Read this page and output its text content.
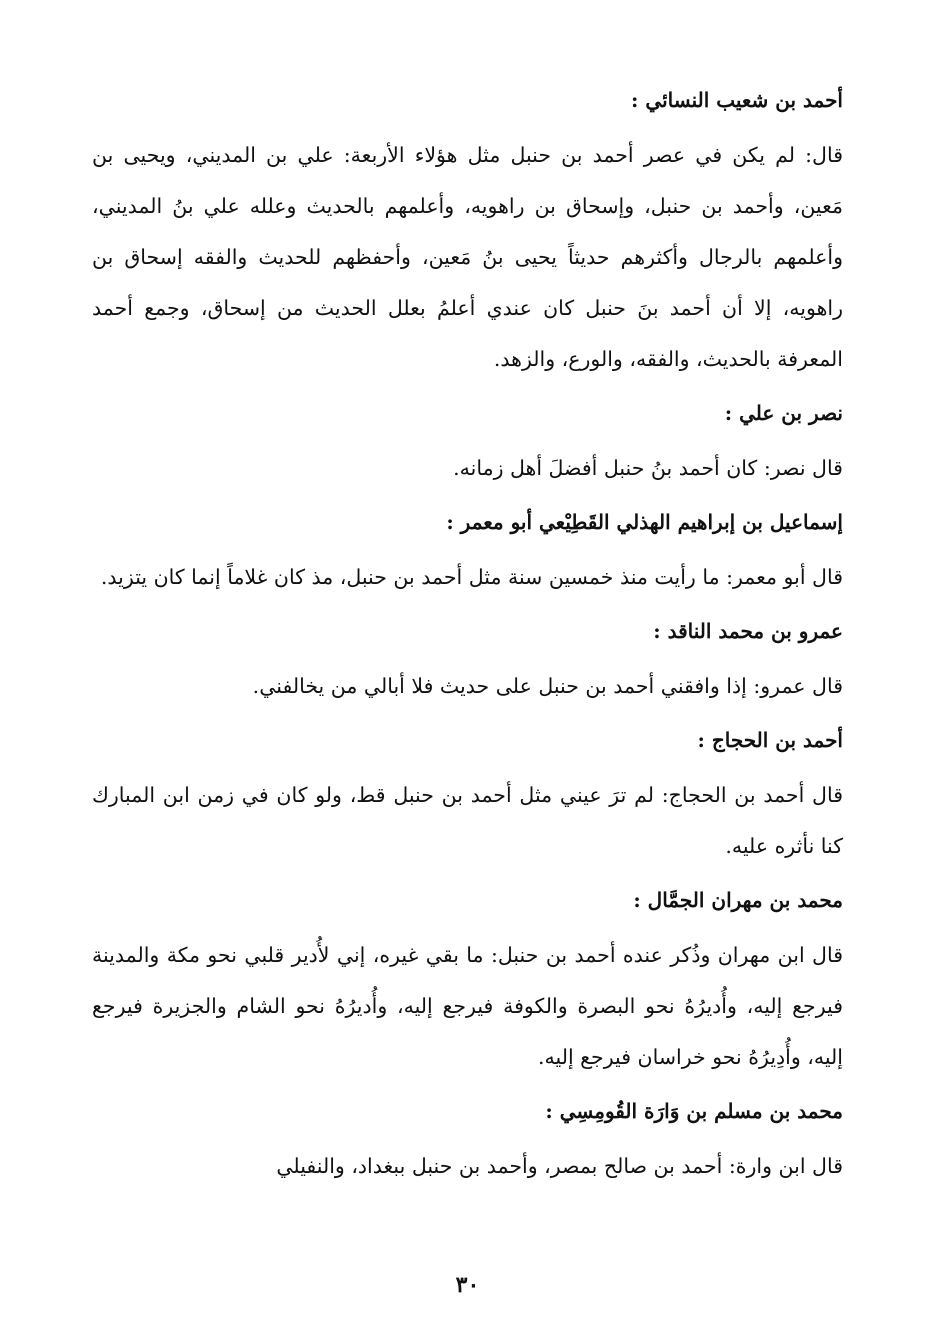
أحمد بن شعيب النسائي :
قال: لم يكن في عصر أحمد بن حنبل مثل هؤلاء الأربعة: علي بن المديني، ويحيى بن مَعين، وأحمد بن حنبل، وإسحاق بن راهويه، وأعلمهم بالحديث وعلله علي بنُ المديني، وأعلمهم بالرجال وأكثرهم حديثاً يحيى بنُ مَعين، وأحفظهم للحديث والفقه إسحاق بن راهويه، إلا أن أحمد بنَ حنبل كان عندي أعلمُ بعلل الحديث من إسحاق، وجمع أحمد المعرفة بالحديث، والفقه، والورع، والزهد.
نصر بن علي :
قال نصر: كان أحمد بنُ حنبل أفضلَ أهل زمانه.
إسماعيل بن إبراهيم الهذلي القَطِيْعي أبو معمر :
قال أبو معمر: ما رأيت منذ خمسين سنة مثل أحمد بن حنبل، مذ كان غلاماً إنما كان يتزيد.
عمرو بن محمد الناقد :
قال عمرو: إذا وافقني أحمد بن حنبل على حديث فلا أبالي من يخالفني.
أحمد بن الحجاج :
قال أحمد بن الحجاج: لم ترَ عيني مثل أحمد بن حنبل قط، ولو كان في زمن ابن المبارك كنا نأثره عليه.
محمد بن مهران الجمَّال :
قال ابن مهران وذُكر عنده أحمد بن حنبل: ما بقي غيره، إني لأُدير قلبي نحو مكة والمدينة فيرجع إليه، وأُديرُهُ نحو البصرة والكوفة فيرجع إليه، وأُديرُهُ نحو الشام والجزيرة فيرجع إليه، وأُدِيرُهُ نحو خراسان فيرجع إليه.
محمد بن مسلم بن وَارَة القُومِسِي :
قال ابن وارة: أحمد بن صالح بمصر، وأحمد بن حنبل ببغداد، والنفيلي
٣٠
